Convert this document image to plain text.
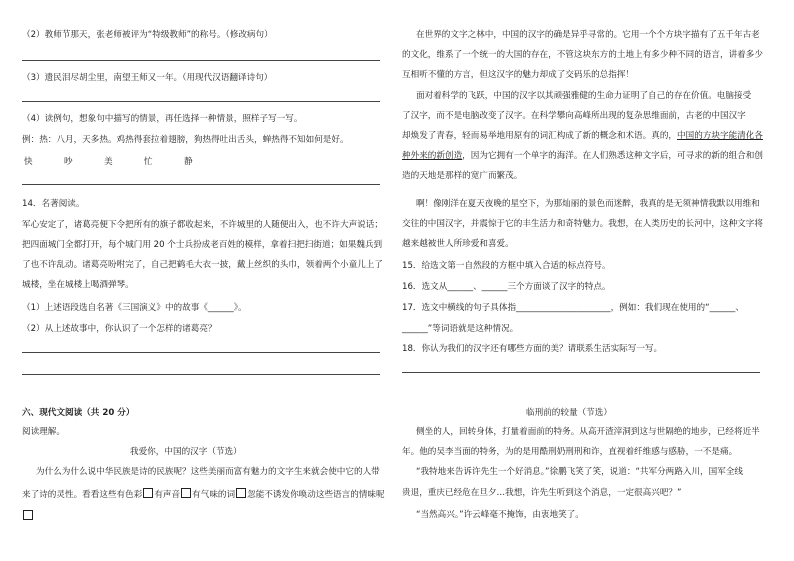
（2）教师节那天，张老师被评为“特级教师”的称号。（修改病句）
（3）遗民泪尽胡尘里，南望王师又一年。（用现代汉语翻译诗句）
（4）读例句，想象句中描写的情景，再任选择一种情景，照样子写一写。
例：热：八月，天多热。鸡热得套拉着翅膀，狗热得吐出舌头，蝉热得不知如何是好。
快	吵	美	忙	静
14．名著阅读。
军心安定了，诸葛亮便下令把所有的旗子都收起来，不许城里的人随便出入，也不许大声说话；
把四面城门全都打开，每个城门用 20 个士兵扮成老百姓的模样，拿着扫把扫街道；如果魏兵到
了也不许乱动。诸葛亮吩咐完了，自己把鹤毛大衣一披，戴上丝织的头巾，领着两个小童儿上了
城楼，坐在城楼上喝酒弹琴。
（1）上述语段选自名著《三国演义》中的故事《______》。
（2）从上述故事中，你认识了一个怎样的诸葛亮？
六、现代文阅读（共 20 分）
阅读理解。
我爱你，中国的汉字（节选）
为什么为什么说中华民族是诗的民族呢？这些美丽而富有魅力的文字生来就会使中它的人带
来了诗的灵性。看看这些有色彩 有声音 有气味的词 忽能不诱发你唤动这些语言的情味呢
在世界的文字之林中，中国的汉字的确是异乎寻常的。它用一个个方块字描有了五千年古老
的文化，维系了一个统一的大国的存在，不管这块东方的土地上有多少种不同的语言，讲着多少
互相听不懂的方言，但这汉字的魅力却成了交码乐的总指挥！
面对着科学的飞跃，中国的汉字以其顽强雅健的生命力证明了自己的存在价值。电脑接受
了汉字，而不是电脑改变了汉字。在科学攀向高峰所出现的复杂思维面前，古老的中国汉字
却焕发了青春，轻而易举地用原有的词汇构成了新的概念和术语。真的，中国的方块字能清化各
种外来的新创造，因为它拥有一个单字的海洋。在人们熟悉这种文字后，可寻求的新的组合和创
造的天地是那样的宽广而繁茂。
啊！像刚洋在夏天夜晚的星空下，为那灿丽的景色而迷醉，我真的是无须神情我默以用维和
交往的中国汉字，并震惊于它的丰生活力和奇特魅力。我想，在人类历史的长河中，这种文字将
越来越被世人所珍爱和喜爱。
15．给选文第一自然段的方框中填入合适的标点符号。
16．选文从______、______三个方面谈了汉字的特点。
17．选文中横线的句子具体指______________________，例如：我们现在使用的“______、
______”等词语就是这种情况。
18．你认为我们的汉字还有哪些方面的美？请联系生活实际写一写。
临刑前的较量（节选）
侧坐的人，回转身体，打量着面前的特务。从高开渣滓洞到这与世隔绝的地步，已经将近半
年。他的吴李当面的特务，为的是用酷刑奶刑刑和诈，直视着纤维感与感胁，一不是痛。
“我特地来告诉许先生一个好消息。”徐鹏飞笑了笑，说道：“共军分两路入川，国军全线
贵退，重庆已经危在旦夕…我想，许先生听到这个消息，一定很高兴吧？”
“当然高兴。”许云峰毫不掩饰，由衷地笑了。
